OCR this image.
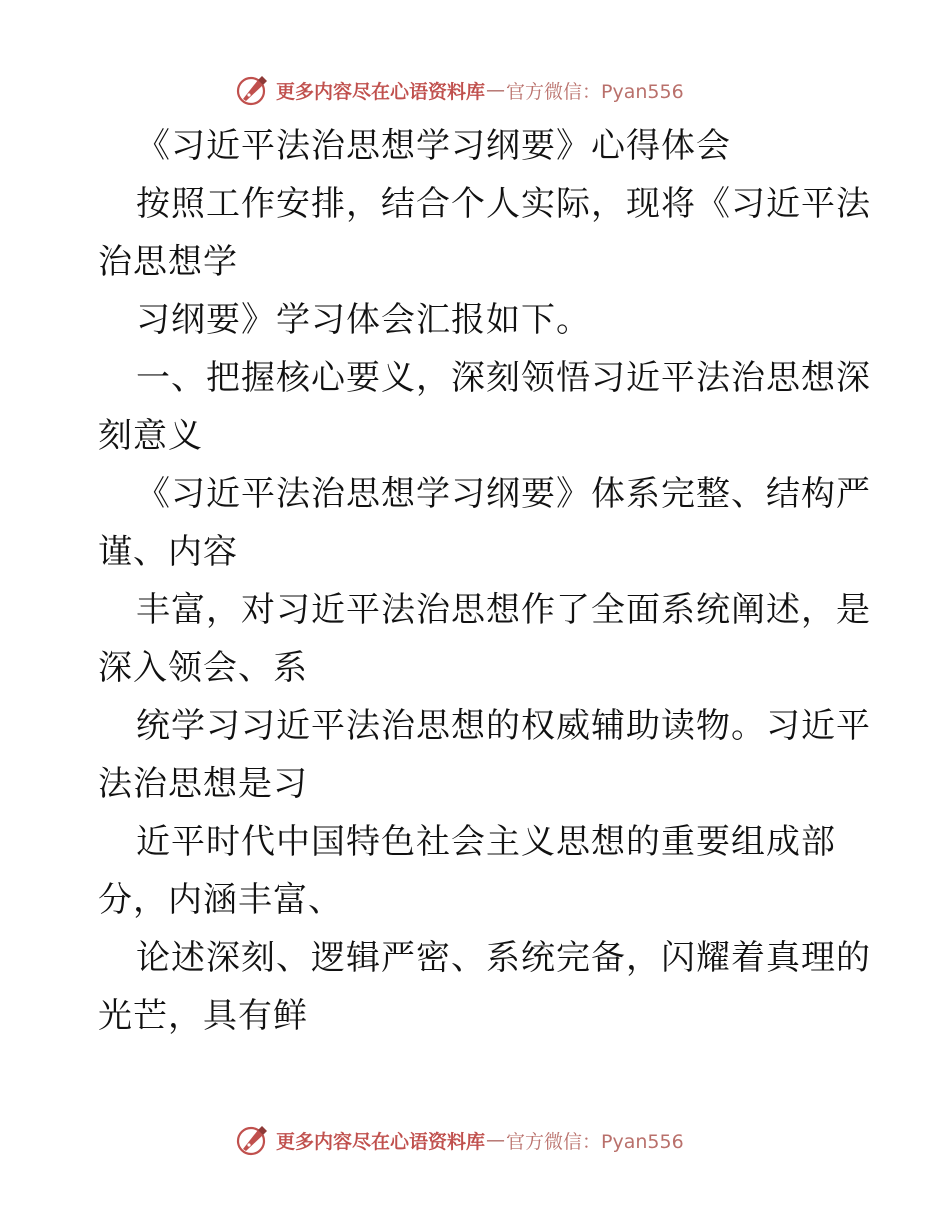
更多内容尽在心语资料库 — 官方微信：Pyan556
《习近平法治思想学习纲要》心得体会
按照工作安排，结合个人实际，现将《习近平法
治思想学
习纲要》学习体会汇报如下。
一、把握核心要义，深刻领悟习近平法治思想深
刻意义
《习近平法治思想学习纲要》体系完整、结构严
谨、内容
丰富，对习近平法治思想作了全面系统阐述，是
深入领会、系
统学习习近平法治思想的权威辅助读物。习近平
法治思想是习
近平时代中国特色社会主义思想的重要组成部
分，内涵丰富、
论述深刻、逻辑严密、系统完备，闪耀着真理的
光芒，具有鲜
更多内容尽在心语资料库 — 官方微信：Pyan556
